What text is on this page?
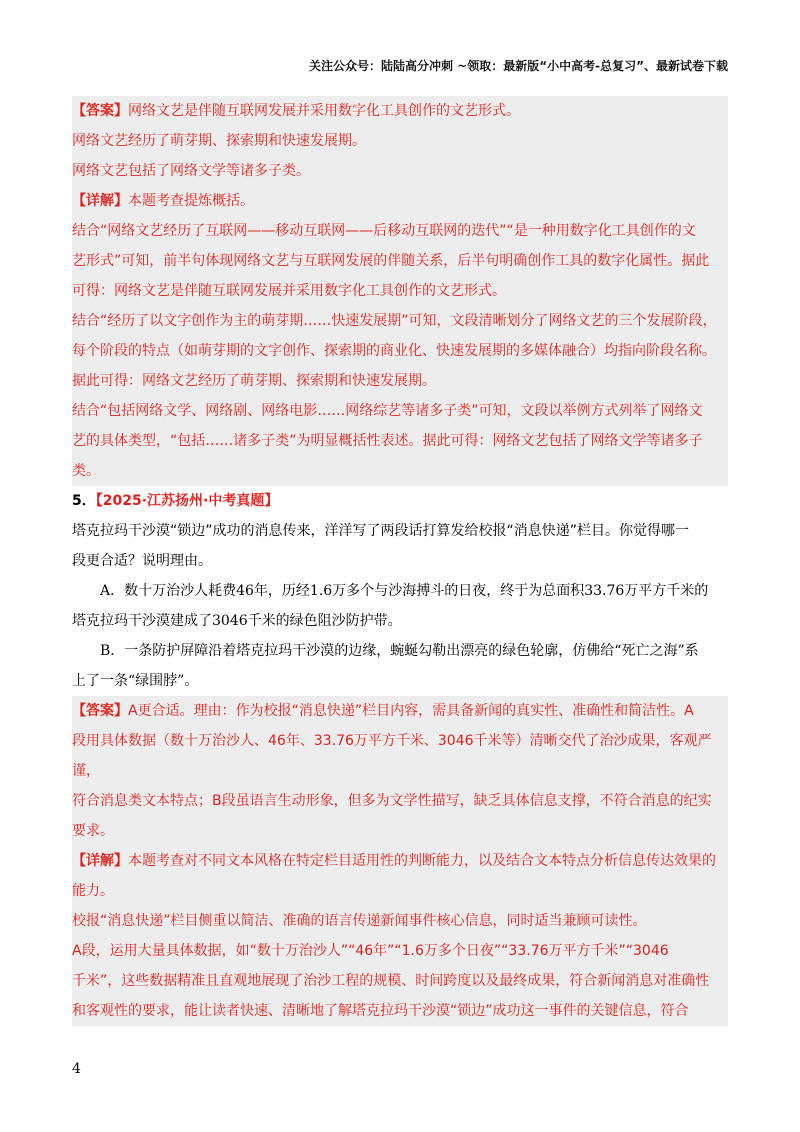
关注公众号：陆陆高分冲刺 ~领取：最新版“小中高考-总复习”、最新试卷下载

【答案】网络文艺是伴随互联网发展并采用数字化工具创作的文艺形式。

网络文艺经历了萌芽期、探索期和快速发展期。

网络文艺包括了网络文学等诸多子类。

【详解】本题考查提炼概括。

结合“网络文艺经历了互联网——移动互联网——后移动互联网的迭代”“是一种用数字化工具创作的文

艺形式”可知，前半句体现网络文艺与互联网发展的伴随关系，后半句明确创作工具的数字化属性。据此

可得：网络文艺是伴随互联网发展并采用数字化工具创作的文艺形式。

结合“经历了以文字创作为主的萌芽期……快速发展期”可知，文段清晰划分了网络文艺的三个发展阶段，

每个阶段的特点（如萌芽期的文字创作、探索期的商业化、快速发展期的多媒体融合）均指向阶段名称。

据此可得：网络文艺经历了萌芽期、探索期和快速发展期。

结合“包括网络文学、网络剧、网络电影……网络综艺等诸多子类”可知，文段以举例方式列举了网络文

艺的具体类型，“包括……诸多子类”为明显概括性表述。据此可得：网络文艺包括了网络文学等诸多子

类。

5．【2025·江苏扬州·中考真题】

塔克拉玛干沙漠“锁边”成功的消息传来，洋洋写了两段话打算发给校报“消息快递”栏目。你觉得哪一

段更合适？说明理由。

A．数十万治沙人耗费46年，历经1.6万多个与沙海搏斗的日夜，终于为总面积33.76万平方千米的

塔克拉玛干沙漠建成了3046千米的绿色阻沙防护带。

B．一条防护屏障沿着塔克拉玛干沙漠的边缘，蜿蜒勾勒出漂亮的绿色轮廓，仿佛给“死亡之海”系

上了一条“绿围脖”。

【答案】A更合适。理由：作为校报“消息快递”栏目内容，需具备新闻的真实性、准确性和简洁性。A

段用具体数据（数十万治沙人、46年、33.76万平方千米、3046千米等）清晰交代了治沙成果，客观严谨，

符合消息类文本特点；B段虽语言生动形象，但多为文学性描写，缺乏具体信息支撑，不符合消息的纪实

要求。

【详解】本题考查对不同文本风格在特定栏目适用性的判断能力，以及结合文本特点分析信息传达效果的

能力。

校报“消息快递”栏目侧重以简洁、准确的语言传递新闻事件核心信息，同时适当兼顾可读性。

A段，运用大量具体数据，如“数十万治沙人”“46年”“1.6万多个日夜”“33.76万平方千米”“3046

千米”，这些数据精准且直观地展现了治沙工程的规模、时间跨度以及最终成果，符合新闻消息对准确性

和客观性的要求，能让读者快速、清晰地了解塔克拉玛干沙漠“锁边”成功这一事件的关键信息，符合

4
